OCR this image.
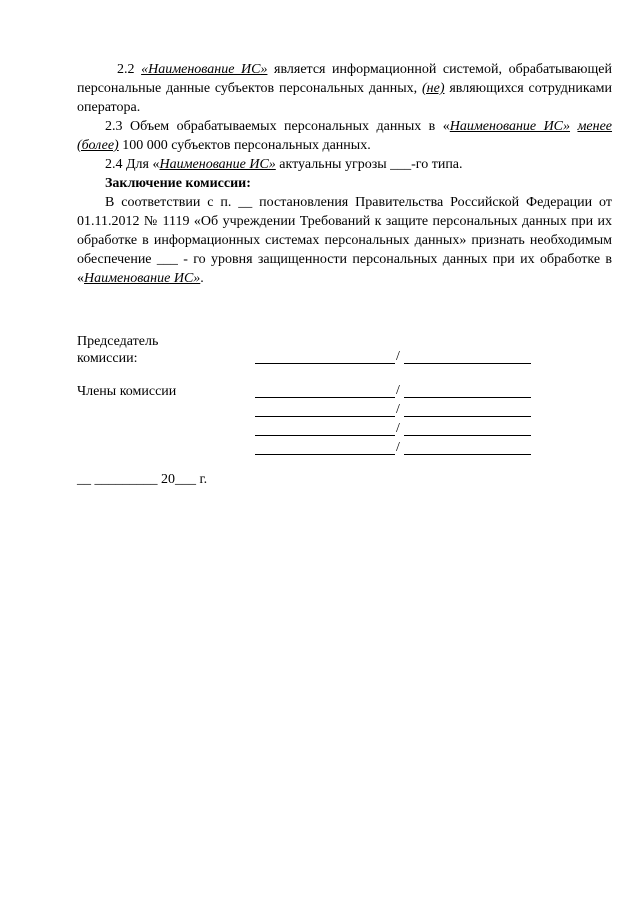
2.2 «Наименование ИС» является информационной системой, обрабатывающей персональные данные субъектов персональных данных, (не) являющихся сотрудниками оператора.

2.3 Объем обрабатываемых персональных данных в «Наименование ИС» менее (более) 100 000 субъектов персональных данных.

2.4 Для «Наименование ИС» актуальны угрозы ___-го типа.

Заключение комиссии:

В соответствии с п. __ постановления Правительства Российской Федерации от 01.11.2012 № 1119 «Об учреждении Требований к защите персональных данных при их обработке в информационных системах персональных данных» признать необходимым обеспечение ___ - го уровня защищенности персональных данных при их обработке в «Наименование ИС».

Председатель
комиссии:	/
Члены комиссии	/
/
/
/
__ _________ 20___ г.
